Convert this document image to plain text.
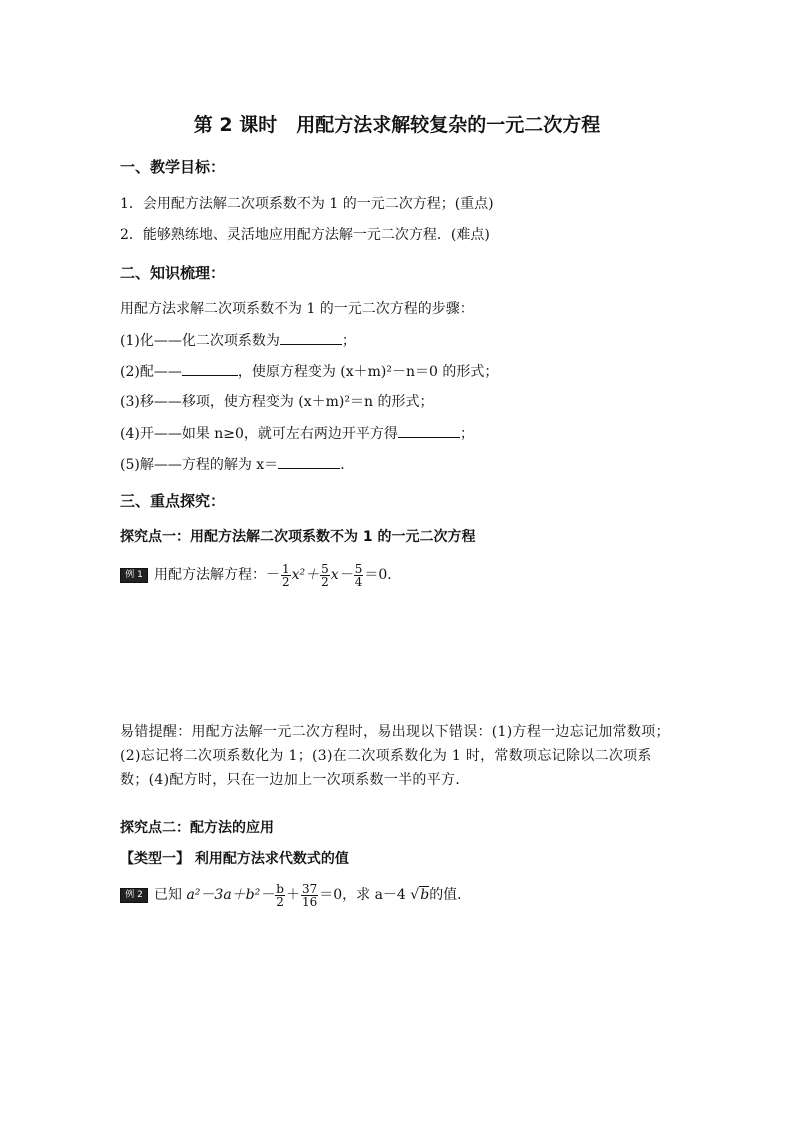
第 2 课时　用配方法求解较复杂的一元二次方程
一、教学目标：
1．会用配方法解二次项系数不为 1 的一元二次方程；(重点)
2．能够熟练地、灵活地应用配方法解一元二次方程．(难点)
二、知识梳理：
用配方法求解二次项系数不为 1 的一元二次方程的步骤：
(1)化——化二次项系数为	；
(2)配——	，使原方程变为 (x＋m)²－n＝0 的形式；
(3)移——移项，使方程变为 (x＋m)²＝n 的形式；
(4)开——如果 n≥0，就可左右两边开平方得	；
(5)解——方程的解为 x＝	．
三、重点探究：
探究点一：用配方法解二次项系数不为 1 的一元二次方程
例 1 用配方法解方程：－ $\frac{1}{2} x^2+ \frac{5}{2} x- \frac{5}{4} =0$.
易错提醒：用配方法解一元二次方程时，易出现以下错误：(1)方程一边忘记加常数项；(2)忘记将二次项系数化为 1；(3)在二次项系数化为 1 时，常数项忘记除以二次项系数；(4)配方时，只在一边加上一次项系数一半的平方．
探究点二：配方法的应用
【类型一】 利用配方法求代数式的值
例 2 已知 $a^2-3a+b^2- \frac{b}{2} + \frac{37}{16} =0$，求 a－4 √b的值．
